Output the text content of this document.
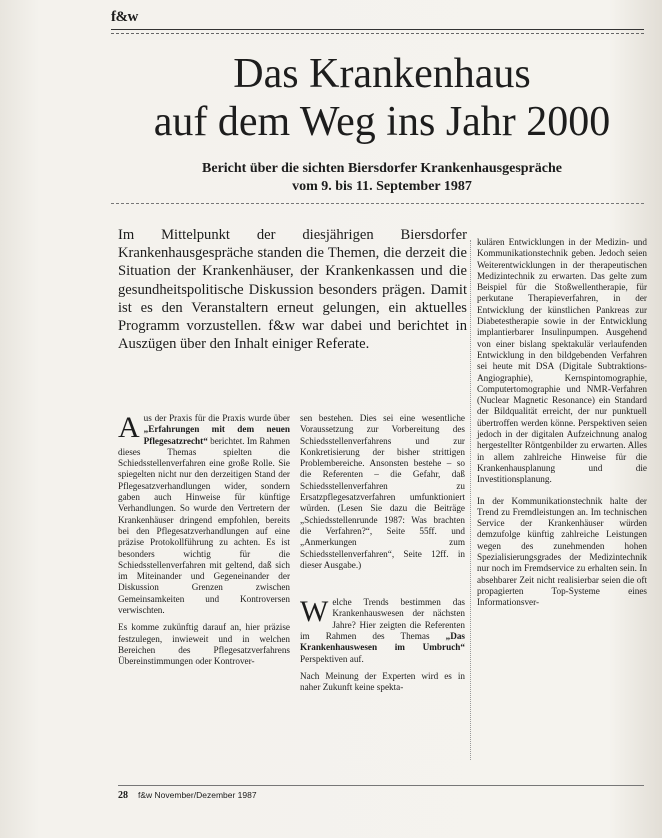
f&w
Das Krankenhaus
auf dem Weg ins Jahr 2000
Bericht über die sichten Biersdorfer Krankenhausgespräche
vom 9. bis 11. September 1987
Im Mittelpunkt der diesjährigen Biersdorfer Krankenhausgespräche standen die Themen, die derzeit die Situation der Krankenhäuser, der Krankenkassen und die gesundheitspolitische Diskussion besonders prägen. Damit ist es den Veranstaltern erneut gelungen, ein aktuelles Programm vorzustellen. f&w war dabei und berichtet in Auszügen über den Inhalt einiger Referate.

Aus der Praxis für die Praxis wurde über „Erfahrungen mit dem neuen Pflegesatzrecht“ berichtet. Im Rahmen dieses Themas spielten die Schiedsstellenverfahren eine große Rolle. Sie spiegelten nicht nur den derzeitigen Stand der Pflegesatzverhandlungen wider, sondern gaben auch Hinweise für künftige Verhandlungen. So wurde den Vertretern der Krankenhäuser dringend empfohlen, bereits bei den Pflegesatzverhandlungen auf eine präzise Protokollführung zu achten. Es ist besonders wichtig für die Schiedsstellenverfahren mit geltend, daß sich im Miteinander und Gegeneinander der Diskussion Grenzen zwischen Gemeinsamkeiten und Kontroversen verwischten.

Es komme zukünftig darauf an, hier präzise festzulegen, inwieweit und in welchen Bereichen des Pflegesatzverfahrens Übereinstimmungen oder Kontrover-

sen bestehen. Dies sei eine wesentliche Voraussetzung zur Vorbereitung des Schiedsstellenverfahrens und zur Konkretisierung der bisher strittigen Problembereiche. Ansonsten bestehe – so die Referenten – die Gefahr, daß Schiedsstellenverfahren zu Ersatzpflegesatzverfahren umfunktioniert würden. (Lesen Sie dazu die Beiträge „Schiedsstellenrunde 1987: Was brachten die Verfahren?“, Seite 55ff. und „Anmerkungen zum Schiedsstellenverfahren“, Seite 12ff. in dieser Ausgabe.)

Welche Trends bestimmen das Krankenhauswesen der nächsten Jahre? Hier zeigten die Referenten im Rahmen des Themas „Das Krankenhauswesen im Umbruch“ Perspektiven auf.

Nach Meinung der Experten wird es in naher Zukunft keine spekta-

kulären Entwicklungen in der Medizin- und Kommunikationstechnik geben. Jedoch seien Weiterentwicklungen in der therapeutischen Medizintechnik zu erwarten. Das gelte zum Beispiel für die Stoßwellentherapie, für perkutane Therapieverfahren, in der Entwicklung der künstlichen Pankreas zur Diabetestherapie sowie in der Entwicklung implantierbarer Insulinpumpen. Ausgehend von einer bislang spektakulär verlaufenden Entwicklung in den bildgebenden Verfahren sei heute mit DSA (Digitale Subtraktions-Angiographie), Kernspintomographie, Computertomographie und NMR-Verfahren (Nuclear Magnetic Resonance) ein Standard der Bildqualität erreicht, der nur punktuell übertroffen werden könne. Perspektiven seien jedoch in der digitalen Aufzeichnung analog hergestellter Röntgenbilder zu erwarten. Alles in allem zahlreiche Hinweise für die Krankenhausplanung und die Investitionsplanung.

In der Kommunikationstechnik halte der Trend zu Fremdleistungen an. Im technischen Service der Krankenhäuser würden demzufolge künftig zahlreiche Leistungen wegen des zunehmenden hohen Spezialisierungsgrades der Medizintechnik nur noch im Fremdservice zu erhalten sein. In absehbarer Zeit nicht realisierbar seien die oft propagierten Top-Systeme eines Informationsver-

28 f&w November/Dezember 1987
